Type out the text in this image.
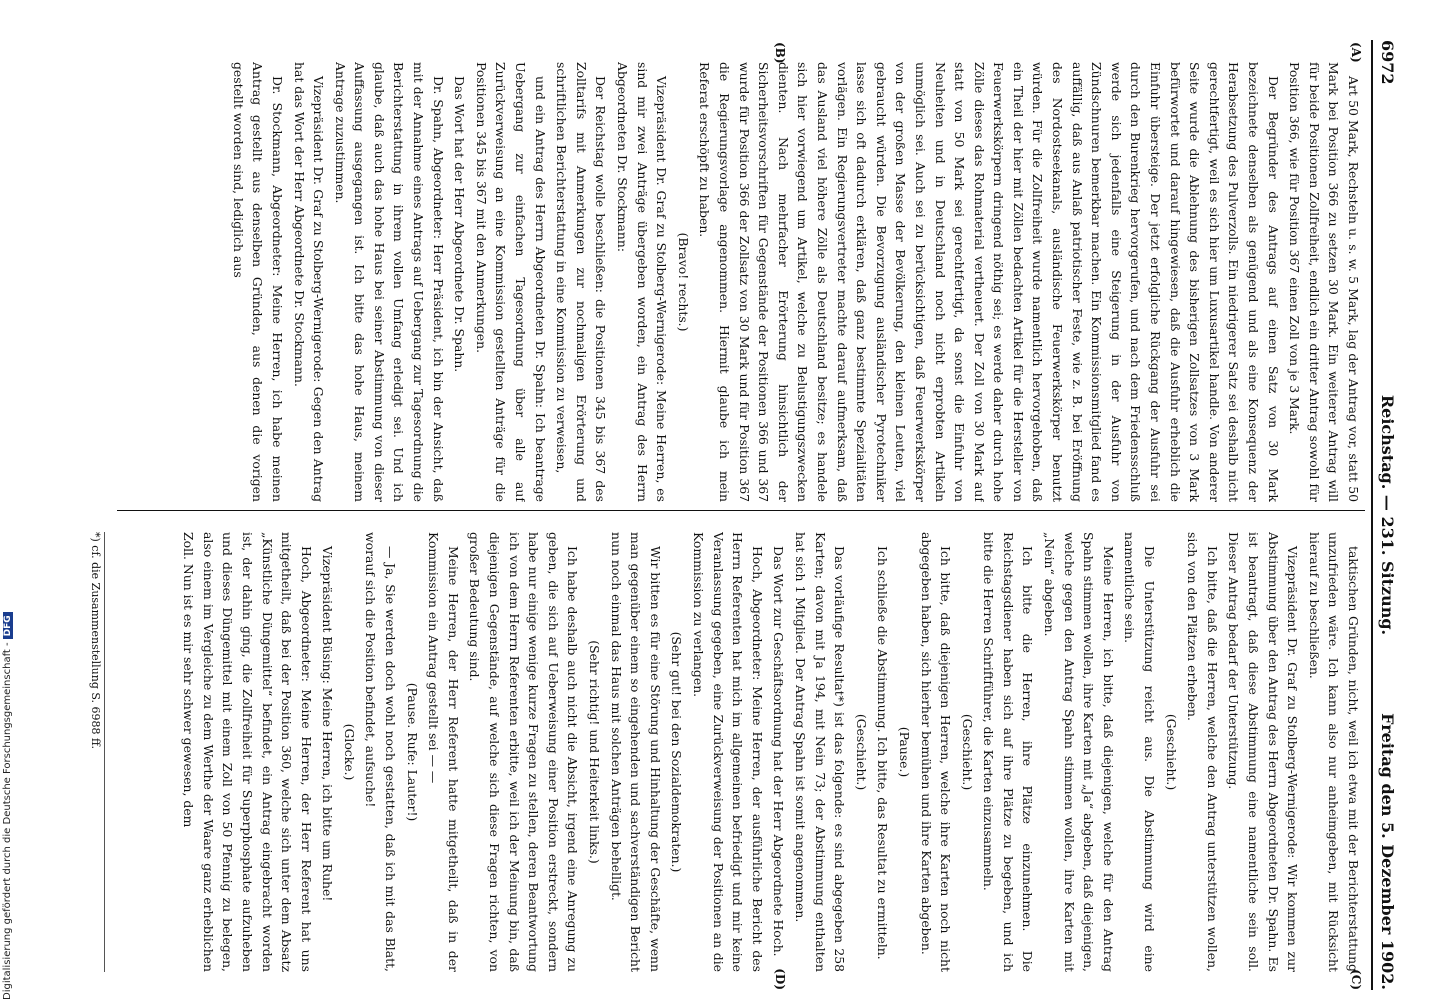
6972
Reichstag. — 231. Sitzung.
Freitag den 5. Dezember 1902.
(A)
(B)
(C)
(D)

Art 50 Mark, Rechsteln u. s. w. 5 Mark, lag der Antrag vor, statt 50 Mark bei Position 366 zu setzen 30 Mark. Ein weiterer Antrag will für beide Positionen Zollfreiheit, endlich ein dritter Antrag sowohl für Position 366, wie für Position 367 einen Zoll von je 3 Mark.

Der Begründer des Antrags auf einen Satz von 30 Mark bezeichnete denselben als genügend und als eine Konsequenz der Herabsetzung des Pulverzolls. Ein niedrigerer Satz sei deshalb nicht gerechtfertigt, weil es sich hier um Luxusartikel handle. Von anderer Seite wurde die Ablehnung des bisherigen Zollsatzes von 3 Mark befürwortet und darauf hingewiesen, daß die Ausfuhr erheblich die Einfuhr übersteige. Der jetzt erfolgliche Rückgang der Ausfuhr sei durch den Burenkrieg hervorgerufen, und nach dem Friedensschluß werde sich jedenfalls eine Steigerung in der Ausfuhr von Zündschnuren bemerkbar machen. Ein Kommissionsmitglied fand es auffällig, daß aus Anlaß patriotischer Feste, wie z. B. bei Eröffnung des Nordostseekanals, ausländische Feuerwerkskörper benutzt würden. Für die Zollfreiheit wurde namentlich hervorgehoben, daß ein Theil der hier mit Zöllen bedachten Artikel für die Hersteller von Feuerwerkskörpern dringend nöthig sei; es werde daher durch hohe Zölle dieses das Rohmaterial vertheuert. Der Zoll von 30 Mark auf statt von 50 Mark sei gerechtfertigt, da sonst die Einfuhr von Neuheiten und in Deutschland noch nicht erprobten Artikeln unmöglich sei. Auch sei zu berücksichtigen, daß Feuerwerkskörper von der großen Masse der Bevölkerung, den kleinen Leuten, viel gebraucht würden. Die Bevorzugung ausländischer Pyrotechniker lasse sich oft dadurch erklären, daß ganz bestimmte Spezialitäten vorlägen. Ein Regierungsvertreter machte darauf aufmerksam, daß das Ausland viel höhere Zölle als Deutschland besitze; es handele sich hier vorwiegend um Artikel, welche zu Belustigungszwecken dienten. Nach mehrfacher Erörterung hinsichtlich der Sicherheitsvorschriften für Gegenstände der Positionen 366 und 367 wurde für Position 366 der Zollsatz von 30 Mark und für Position 367 die Regierungsvorlage angenommen. Hiermit glaube ich mein Referat erschöpft zu haben.

(Bravo! rechts.)

Vizepräsident Dr. Graf zu Stolberg-Wernigerode: Meine Herren, es sind mir zwei Anträge übergeben worden, ein Antrag des Herrn Abgeordneten Dr. Stockmann:

Der Reichstag wolle beschließen: die Positionen 345 bis 367 des Zolltarifs mit Anmerkungen zur nochmaligen Erörterung und schriftlichen Berichterstattung in eine Kommission zu verweisen,

und ein Antrag des Herrn Abgeordneten Dr. Spahn: Ich beantrage Uebergang zur einfachen Tagesordnung über alle auf Zurückverweisung an eine Kommission gestellten Anträge für die Positionen 345 bis 367 mit den Anmerkungen.

Das Wort hat der Herr Abgeordnete Dr. Spahn.

Dr. Spahn, Abgeordneter: Herr Präsident, ich bin der Ansicht, daß mit der Annahme eines Antrags auf Uebergang zur Tagesordnung die Berichterstattung in ihrem vollen Umfang erledigt sei. Und ich glaube, daß auch das hohe Haus bei seiner Abstimmung von dieser Auffassung ausgegangen ist. Ich bitte das hohe Haus, meinem Antrage zuzustimmen.

Vizepräsident Dr. Graf zu Stolberg-Wernigerode: Gegen den Antrag hat das Wort der Herr Abgeordnete Dr. Stockmann.

Dr. Stockmann, Abgeordneter: Meine Herren, ich habe meinen Antrag gestellt aus denselben Gründen, aus denen die vorigen gestellt worden sind, lediglich aus

taktischen Gründen, nicht, weil ich etwa mit der Berichterstattung unzufrieden wäre. Ich kann also nur anheimgeben, mit Rücksicht hierauf zu beschließen.

Vizepräsident Dr. Graf zu Stolberg-Wernigerode: Wir kommen zur Abstimmung über den Antrag des Herrn Abgeordneten Dr. Spahn. Es ist beantragt, daß diese Abstimmung eine namentliche sein soll. Dieser Antrag bedarf der Unterstützung.

Ich bitte, daß die Herren, welche den Antrag unterstützen wollen, sich von den Plätzen erheben.

(Geschieht.)

Die Unterstützung reicht aus. Die Abstimmung wird eine namentliche sein.

Meine Herren, ich bitte, daß diejenigen, welche für den Antrag Spahn stimmen wollen, ihre Karten mit „Ja“ abgeben, daß diejenigen, welche gegen den Antrag Spahn stimmen wollen, ihre Karten mit „Nein“ abgeben.

Ich bitte die Herren, ihre Plätze einzunehmen. Die Reichstagsdiener haben sich auf ihre Plätze zu begeben, und ich bitte die Herren Schriftführer, die Karten einzusammeln.

(Geschieht.)

Ich bitte, daß diejenigen Herren, welche ihre Karten noch nicht abgegeben haben, sich hierher bemühen und ihre Karten abgeben.

(Pause.)

Ich schließe die Abstimmung. Ich bitte, das Resultat zu ermitteln.

(Geschieht.)

Das vorläufige Resultat*) ist das folgende: es sind abgegeben 258 Karten; davon mit Ja 194, mit Nein 73; der Abstimmung enthalten hat sich 1 Mitglied. Der Antrag Spahn ist somit angenommen.

Das Wort zur Geschäftsordnung hat der Herr Abgeordnete Hoch.

Hoch, Abgeordneter: Meine Herren, der ausführliche Bericht des Herrn Referenten hat mich im allgemeinen befriedigt und mir keine Veranlassung gegeben, eine Zurückverweisung der Positionen an die Kommission zu verlangen.

(Sehr gut! bei den Sozialdemokraten.)

Wir bitten es für eine Störung und Hinhaltung der Geschäfte, wenn man gegenüber einem so eingehenden und sachverständigen Bericht nun noch einmal das Haus mit solchen Anträgen behelligt.

(Sehr richtig! und Heiterkeit links.)

Ich habe deshalb auch nicht die Absicht, irgend eine Anregung zu geben, die sich auf Ueberweisung einer Position erstreckt, sondern habe nur einige wenige kurze Fragen zu stellen, deren Beantwortung ich von dem Herrn Referenten erbitte, weil ich der Meinung bin, daß diejenigen Gegenstände, auf welche sich diese Fragen richten, von großer Bedeutung sind.

Meine Herren, der Herr Referent hatte mitgetheilt, daß in der Kommission ein Antrag gestellt sei — —

(Pause. Rufe: Lauter!)

— Ja, Sie werden doch wohl noch gestatten, daß ich mit das Blatt, worauf sich die Position befindet, aufsuche!

(Glocke.)

Vizepräsident Büsing: Meine Herren, ich bitte um Ruhe!

Hoch, Abgeordneter: Meine Herren, der Herr Referent hat uns mitgetheilt, daß bei der Position 360, welche sich unter dem Absatz „Künstliche Düngemittel“ befindet, ein Antrag eingebracht worden ist, der dahin ging, die Zollfreiheit für Superphosphate aufzuheben und dieses Düngemittel mit einem Zoll von 50 Pfennig zu belegen, also einem im Vergleiche zu dem Werthe der Waare ganz erheblichen Zoll. Nun ist es mir sehr schwer gewesen, dem

*) cf. die Zusammenstellung S. 6988 ff.
Digitalisierung gefördert durch die Deutsche Forschungsgemeinschaft -DFG
